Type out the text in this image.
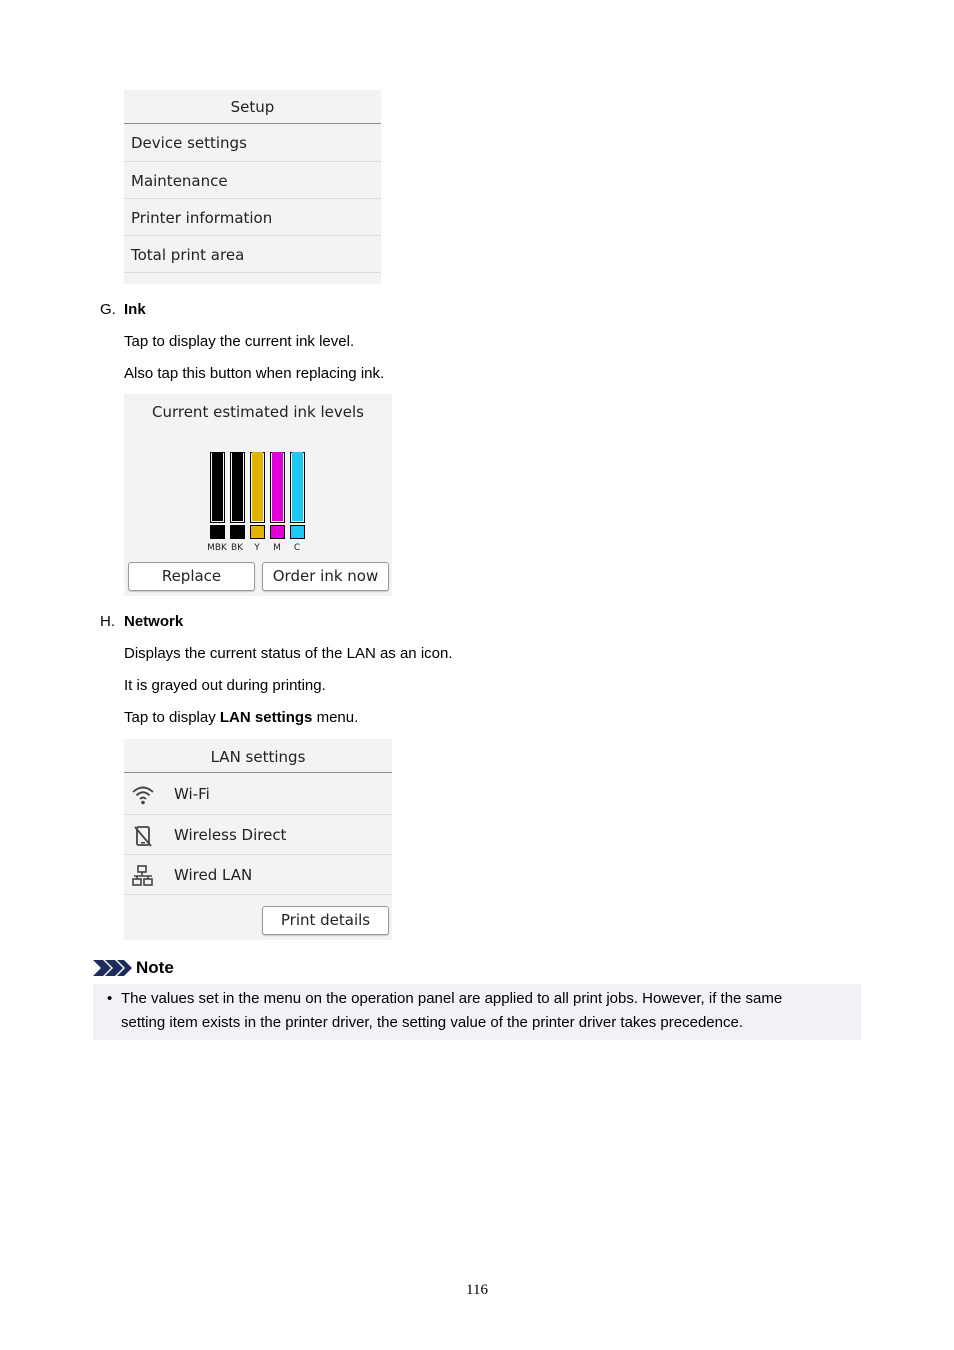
Setup
Device settings
Maintenance
Printer information
Total print area
G. Ink
Tap to display the current ink level.
Also tap this button when replacing ink.
Current estimated ink levels
MBK BK	Y	M	C
Replace	Order ink now
H. Network
Displays the current status of the LAN as an icon.
It is grayed out during printing.
Tap to display LAN settings menu.
LAN settings
Wi-Fi
Wireless Direct
Wired LAN
Print details
Note
• The values set in the menu on the operation panel are applied to all print jobs. However, if the same
setting item exists in the printer driver, the setting value of the printer driver takes precedence.
116
